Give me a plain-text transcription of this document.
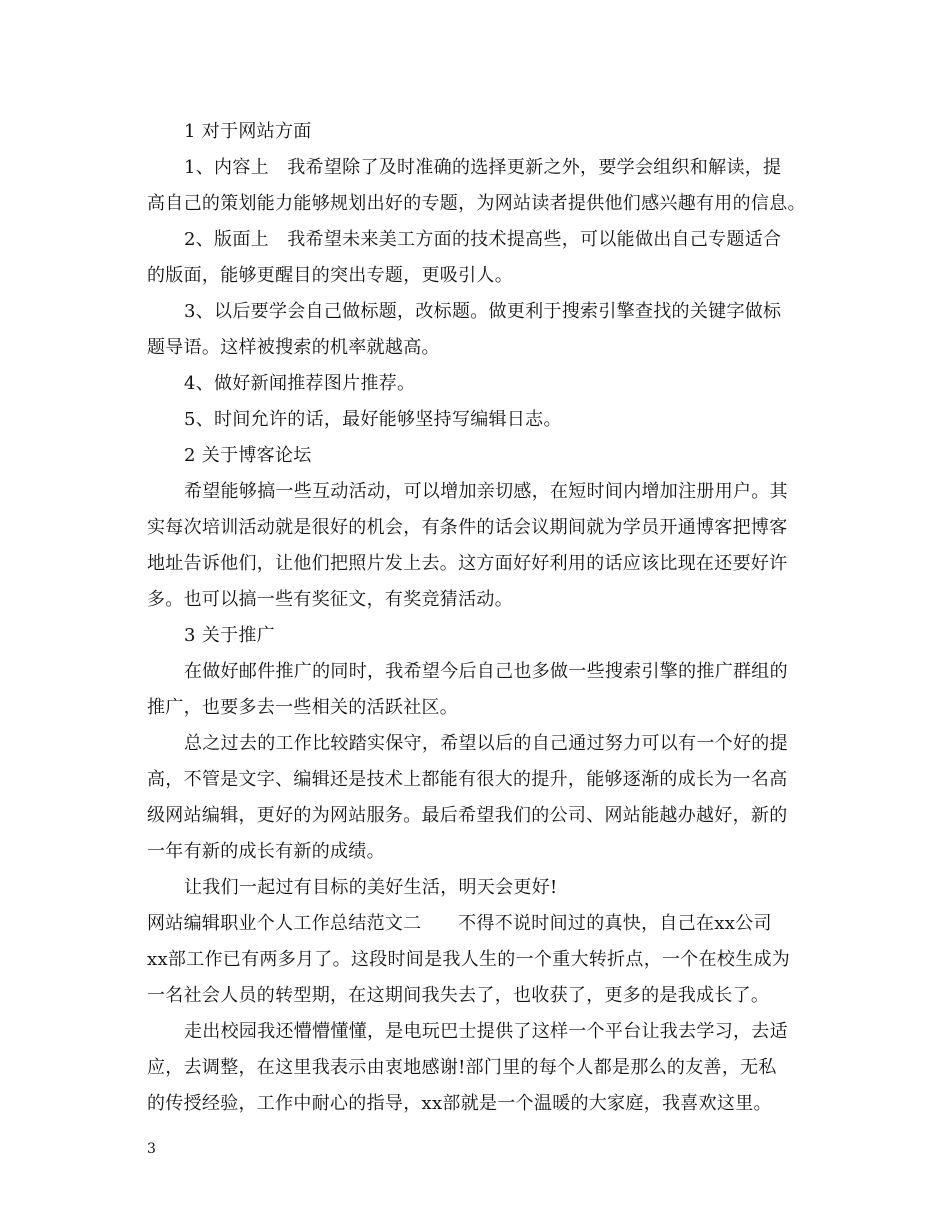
1 对于网站方面
1、内容上　我希望除了及时准确的选择更新之外，要学会组织和解读，提
高自己的策划能力能够规划出好的专题，为网站读者提供他们感兴趣有用的信息。
2、版面上　我希望未来美工方面的技术提高些，可以能做出自己专题适合
的版面，能够更醒目的突出专题，更吸引人。
3、以后要学会自己做标题，改标题。做更利于搜索引擎查找的关键字做标
题导语。这样被搜索的机率就越高。
4、做好新闻推荐图片推荐。
5、时间允许的话，最好能够坚持写编辑日志。
2 关于博客论坛
希望能够搞一些互动活动，可以增加亲切感，在短时间内增加注册用户。其
实每次培训活动就是很好的机会，有条件的话会议期间就为学员开通博客把博客
地址告诉他们，让他们把照片发上去。这方面好好利用的话应该比现在还要好许
多。也可以搞一些有奖征文，有奖竞猜活动。
3 关于推广
在做好邮件推广的同时，我希望今后自己也多做一些搜索引擎的推广群组的
推广，也要多去一些相关的活跃社区。
总之过去的工作比较踏实保守，希望以后的自己通过努力可以有一个好的提
高，不管是文字、编辑还是技术上都能有很大的提升，能够逐渐的成长为一名高
级网站编辑，更好的为网站服务。最后希望我们的公司、网站能越办越好，新的
一年有新的成长有新的成绩。
让我们一起过有目标的美好生活，明天会更好!
网站编辑职业个人工作总结范文二　　不得不说时间过的真快，自己在xx公司
xx部工作已有两多月了。这段时间是我人生的一个重大转折点，一个在校生成为
一名社会人员的转型期，在这期间我失去了，也收获了，更多的是我成长了。
走出校园我还懵懵懂懂，是电玩巴士提供了这样一个平台让我去学习，去适
应，去调整，在这里我表示由衷地感谢!部门里的每个人都是那么的友善，无私
的传授经验，工作中耐心的指导，xx部就是一个温暖的大家庭，我喜欢这里。
3
